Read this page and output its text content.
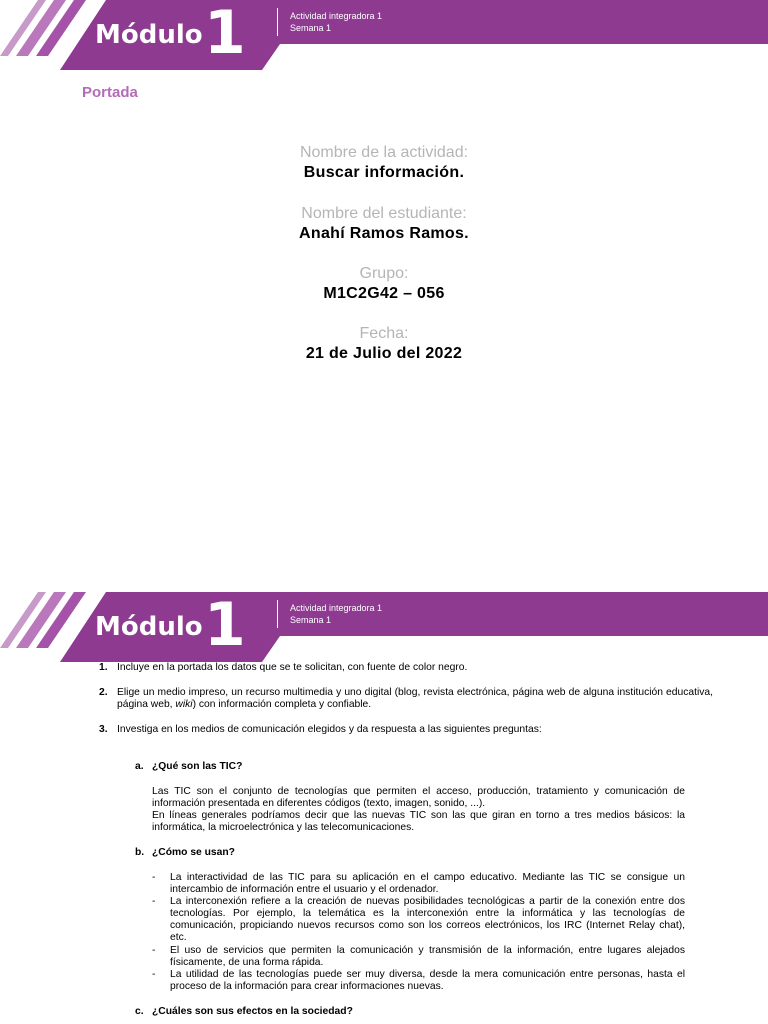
Módulo 1	Actividad integradora 1
Semana 1
Portada
Nombre de la actividad:
Buscar información.
Nombre del estudiante:
Anahí Ramos Ramos.
Grupo:
M1C2G42 – 056
Fecha:
21 de Julio del 2022
Módulo 1	Actividad integradora 1
Semana 1
1. Incluye en la portada los datos que se te solicitan, con fuente de color negro.
2. Elige un medio impreso, un recurso multimedia y uno digital (blog, revista electrónica, página web de alguna institución educativa, página web, wiki) con información completa y confiable.
3. Investiga en los medios de comunicación elegidos y da respuesta a las siguientes preguntas:
a. ¿Qué son las TIC?
Las TIC son el conjunto de tecnologías que permiten el acceso, producción, tratamiento y comunicación de información presentada en diferentes códigos (texto, imagen, sonido, ...).
En líneas generales podríamos decir que las nuevas TIC son las que giran en torno a tres medios básicos: la informática, la microelectrónica y las telecomunicaciones.
b. ¿Cómo se usan?
- La interactividad de las TIC para su aplicación en el campo educativo. Mediante las TIC se consigue un intercambio de información entre el usuario y el ordenador.
- La interconexión refiere a la creación de nuevas posibilidades tecnológicas a partir de la conexión entre dos tecnologías. Por ejemplo, la telemática es la interconexión entre la informática y las tecnologías de comunicación, propiciando nuevos recursos como son los correos electrónicos, los IRC (Internet Relay chat), etc.
- El uso de servicios que permiten la comunicación y transmisión de la información, entre lugares alejados físicamente, de una forma rápida.
- La utilidad de las tecnologías puede ser muy diversa, desde la mera comunicación entre personas, hasta el proceso de la información para crear informaciones nuevas.
c. ¿Cuáles son sus efectos en la sociedad?
